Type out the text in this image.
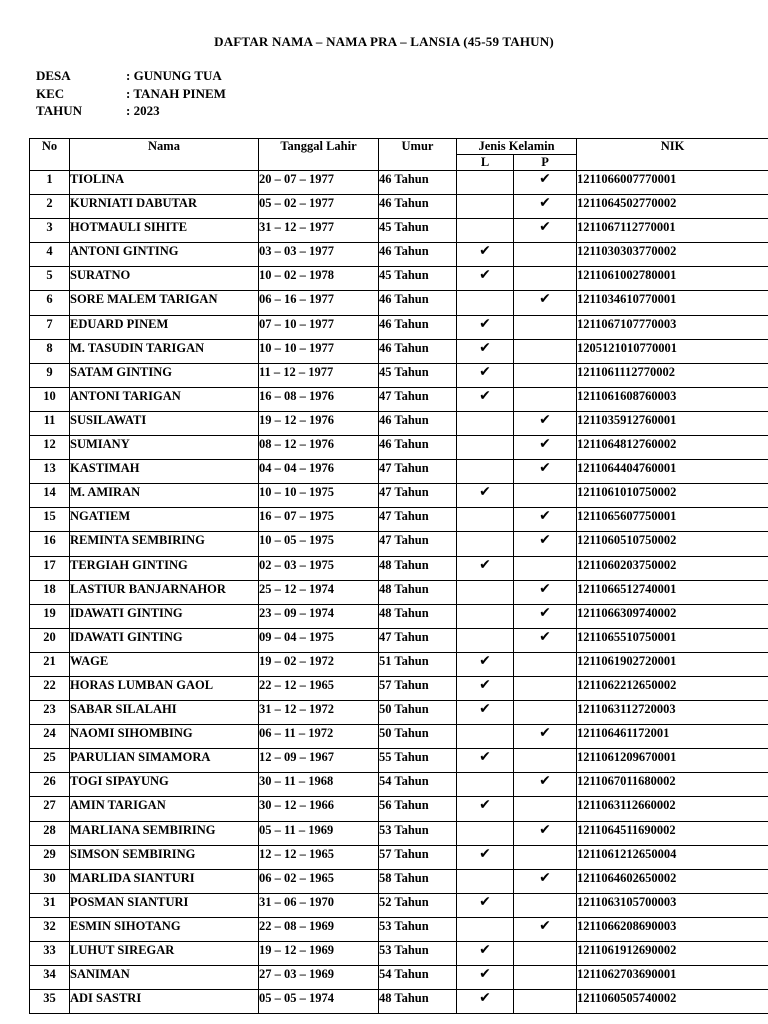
DAFTAR NAMA – NAMA PRA – LANSIA (45-59 TAHUN)
DESA	: GUNUNG TUA
KEC	: TANAH PINEM
TAHUN	: 2023
No	Nama	Tanggal Lahir	Umur	Jenis Kelamin		NIK
				L	P	
1	TIOLINA	20 – 07 – 1977	46 Tahun		✔	1211066007770001
2	KURNIATI DABUTAR	05 – 02 – 1977	46 Tahun		✔	1211064502770002
3	HOTMAULI SIHITE	31 – 12 – 1977	45 Tahun		✔	1211067112770001
4	ANTONI GINTING	03 – 03 – 1977	46 Tahun	✔		1211030303770002
5	SURATNO	10 – 02 – 1978	45 Tahun	✔		1211061002780001
6	SORE MALEM TARIGAN	06 – 16 – 1977	46 Tahun		✔	1211034610770001
7	EDUARD PINEM	07 – 10 – 1977	46 Tahun	✔		1211067107770003
8	M. TASUDIN TARIGAN	10 – 10 – 1977	46 Tahun	✔		1205121010770001
9	SATAM GINTING	11 – 12 – 1977	45 Tahun	✔		1211061112770002
10	ANTONI TARIGAN	16 – 08 – 1976	47 Tahun	✔		1211061608760003
11	SUSILAWATI	19 – 12 – 1976	46 Tahun		✔	1211035912760001
12	SUMIANY	08 – 12 – 1976	46 Tahun		✔	1211064812760002
13	KASTIMAH	04 – 04 – 1976	47 Tahun		✔	1211064404760001
14	M. AMIRAN	10 – 10 – 1975	47 Tahun	✔		1211061010750002
15	NGATIEM	16 – 07 – 1975	47 Tahun		✔	1211065607750001
16	REMINTA SEMBIRING	10 – 05 – 1975	47 Tahun		✔	1211060510750002
17	TERGIAH GINTING	02 – 03 – 1975	48 Tahun	✔		1211060203750002
18	LASTIUR BANJARNAHOR	25 – 12 – 1974	48 Tahun		✔	1211066512740001
19	IDAWATI GINTING	23 – 09 – 1974	48 Tahun		✔	1211066309740002
20	IDAWATI GINTING	09 – 04 – 1975	47 Tahun		✔	1211065510750001
21	WAGE	19 – 02 – 1972	51 Tahun	✔		1211061902720001
22	HORAS LUMBAN GAOL	22 – 12 – 1965	57 Tahun	✔		1211062212650002
23	SABAR SILALAHI	31 – 12 – 1972	50 Tahun	✔		1211063112720003
24	NAOMI SIHOMBING	06 – 11 – 1972	50 Tahun		✔	121106461172001
25	PARULIAN SIMAMORA	12 – 09 – 1967	55 Tahun	✔		1211061209670001
26	TOGI SIPAYUNG	30 – 11 – 1968	54 Tahun		✔	1211067011680002
27	AMIN TARIGAN	30 – 12 – 1966	56 Tahun	✔		1211063112660002
28	MARLIANA SEMBIRING	05 – 11 – 1969	53 Tahun		✔	1211064511690002
29	SIMSON SEMBIRING	12 – 12 – 1965	57 Tahun	✔		1211061212650004
30	MARLIDA SIANTURI	06 – 02 – 1965	58 Tahun		✔	1211064602650002
31	POSMAN SIANTURI	31 – 06 – 1970	52 Tahun	✔		1211063105700003
32	ESMIN SIHOTANG	22 – 08 – 1969	53 Tahun		✔	1211066208690003
33	LUHUT SIREGAR	19 – 12 – 1969	53 Tahun	✔		1211061912690002
34	SANIMAN	27 – 03 – 1969	54 Tahun	✔		1211062703690001
35	ADI SASTRI	05 – 05 – 1974	48 Tahun	✔		1211060505740002
